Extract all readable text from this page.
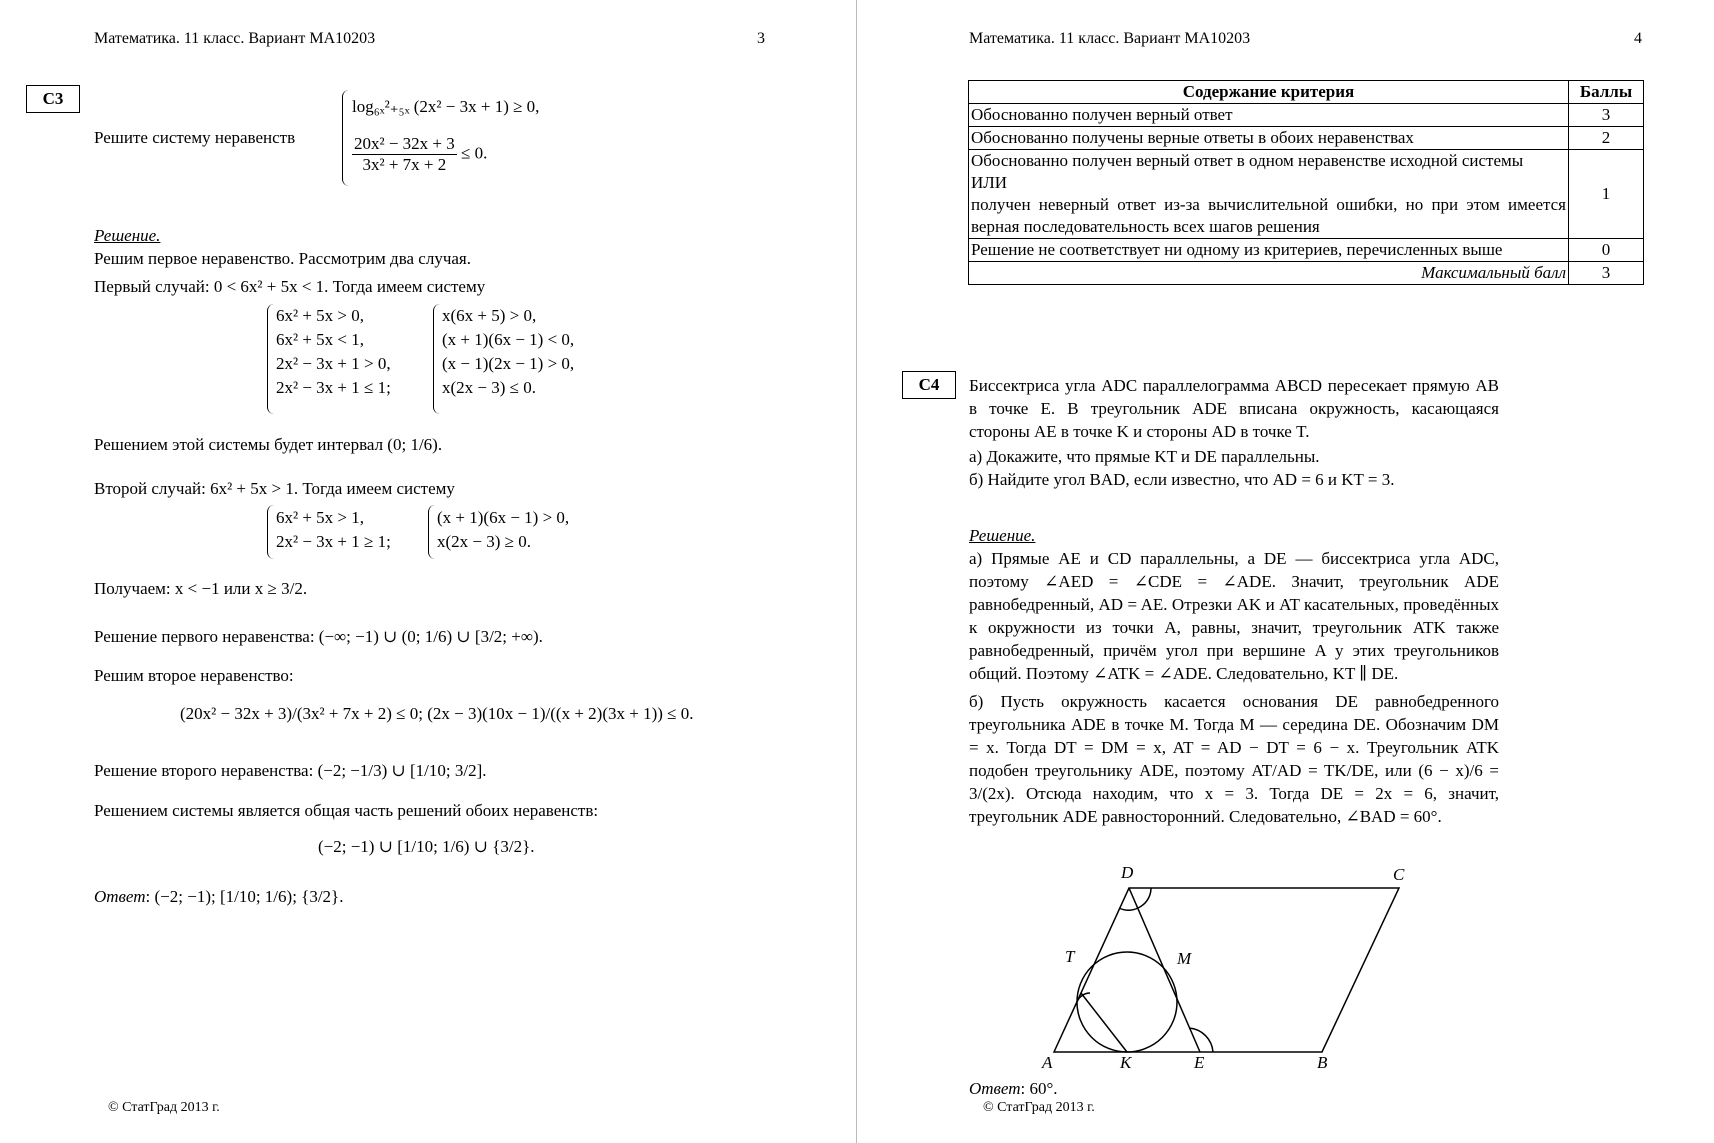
Математика. 11 класс. Вариант МА10203	3
С3
Решите систему неравенств
log₆ₓ²₊₅ₓ (2x² − 3x + 1) ≥ 0,
$\frac{\text{20x² − 32x + 3}}{\text{3x² + 7x + 2}} \le 0$.
Решение.
Решим первое неравенство. Рассмотрим два случая.
Первый случай: 0 < 6x² + 5x < 1. Тогда имеем систему
6x² + 5x > 0,
6x² + 5x < 1,
2x² − 3x + 1 > 0,
2x² − 3x + 1 ≤ 1;
x(6x + 5) > 0,
(x + 1)(6x − 1) < 0,
(x − 1)(2x − 1) > 0,
x(2x − 3) ≤ 0.
Решением этой системы будет интервал (0; 1/6).
Второй случай: 6x² + 5x > 1. Тогда имеем систему
6x² + 5x > 1,
2x² − 3x + 1 ≥ 1;
(x + 1)(6x − 1) > 0,
x(2x − 3) ≥ 0.
Получаем: x < −1 или x ≥ 3/2.
Решение первого неравенства: (−∞; −1) ∪ (0; 1/6) ∪ [3/2; +∞).
Решим второе неравенство:
(20x² − 32x + 3)/(3x² + 7x + 2) ≤ 0; (2x − 3)(10x − 1)/((x + 2)(3x + 1)) ≤ 0.
Решение второго неравенства: (−2; −1/3) ∪ [1/10; 3/2].
Решением системы является общая часть решений обоих неравенств:
(−2; −1) ∪ [1/10; 1/6) ∪ {3/2}.
Ответ: (−2; −1); [1/10; 1/6); {3/2}.
© СтатГрад 2013 г.
Математика. 11 класс. Вариант МА10203	4
С4	Биссектриса угла ADC параллелограмма ABCD пересекает прямую AB в точке E. В треугольник ADE вписана окружность, касающаяся стороны AE в точке K и стороны AD в точке T.
а) Докажите, что прямые KT и DE параллельны.
б) Найдите угол BAD, если известно, что AD = 6 и KT = 3.
Решение.
а) Прямые AE и CD параллельны, а DE — биссектриса угла ADC, поэтому ∠AED = ∠CDE = ∠ADE. Значит, треугольник ADE равнобедренный, AD = AE. Отрезки AK и AT касательных, проведённых к окружности из точки A, равны, значит, треугольник ATK также равнобедренный, причём угол при вершине A у этих треугольников общий. Поэтому ∠ATK = ∠ADE. Следовательно, KT ∥ DE.
б) Пусть окружность касается основания DE равнобедренного треугольника ADE в точке M. Тогда M — середина DE. Обозначим DM = x. Тогда DT = DM = x, AT = AD − DT = 6 − x. Треугольник ATK подобен треугольнику ADE, поэтому AT/AD = TK/DE, или (6 − x)/6 = 3/(2x). Отсюда находим, что x = 3. Тогда DE = 2x = 6, значит, треугольник ADE равносторонний. Следовательно, ∠BAD = 60°.
A	B
C
D
E
K
M
T
Ответ: 60°.
© СтатГрад 2013 г.
Содержание критерия	Баллы
Обоснованно получен верный ответ	3
Обоснованно получены верные ответы в обоих неравенствах	2

Обоснованно получен верный ответ в одном неравенстве исходной системы
ИЛИ
получен неверный ответ из-за вычислительной ошибки, но при этом имеется верная последовательность всех шагов решения	1
Решение не соответствует ни одному из критериев, перечисленных выше	0
Максимальный балл	3
